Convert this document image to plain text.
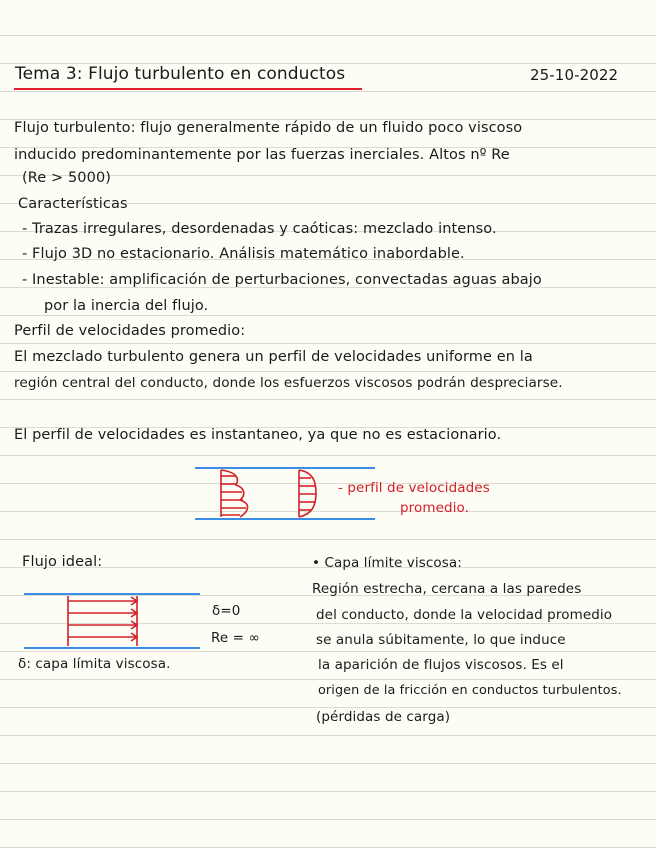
Tema 3: Flujo turbulento en conductos	25-10-2022
Flujo turbulento: flujo generalmente rápido de un fluido poco viscoso
inducido predominantemente por las fuerzas inerciales. Altos nº Re
(Re > 5000)
Características
- Trazas irregulares, desordenadas y caóticas: mezclado intenso.
- Flujo 3D no estacionario. Análisis matemático inabordable.
- Inestable: amplificación de perturbaciones, convectadas aguas abajo
por la inercia del flujo.
Perfil de velocidades promedio:
El mezclado turbulento genera un perfil de velocidades uniforme en la
región central del conducto, donde los esfuerzos viscosos podrán despreciarse.
El perfil de velocidades es instantaneo, ya que no es estacionario.
- perfil de velocidades
promedio.
Flujo ideal:
δ=0
Re = ∞
δ: capa límita viscosa.
• Capa límite viscosa:
Región estrecha, cercana a las paredes
del conducto, donde la velocidad promedio
se anula súbitamente, lo que induce
la aparición de flujos viscosos. Es el
origen de la fricción en conductos turbulentos.
(pérdidas de carga)
